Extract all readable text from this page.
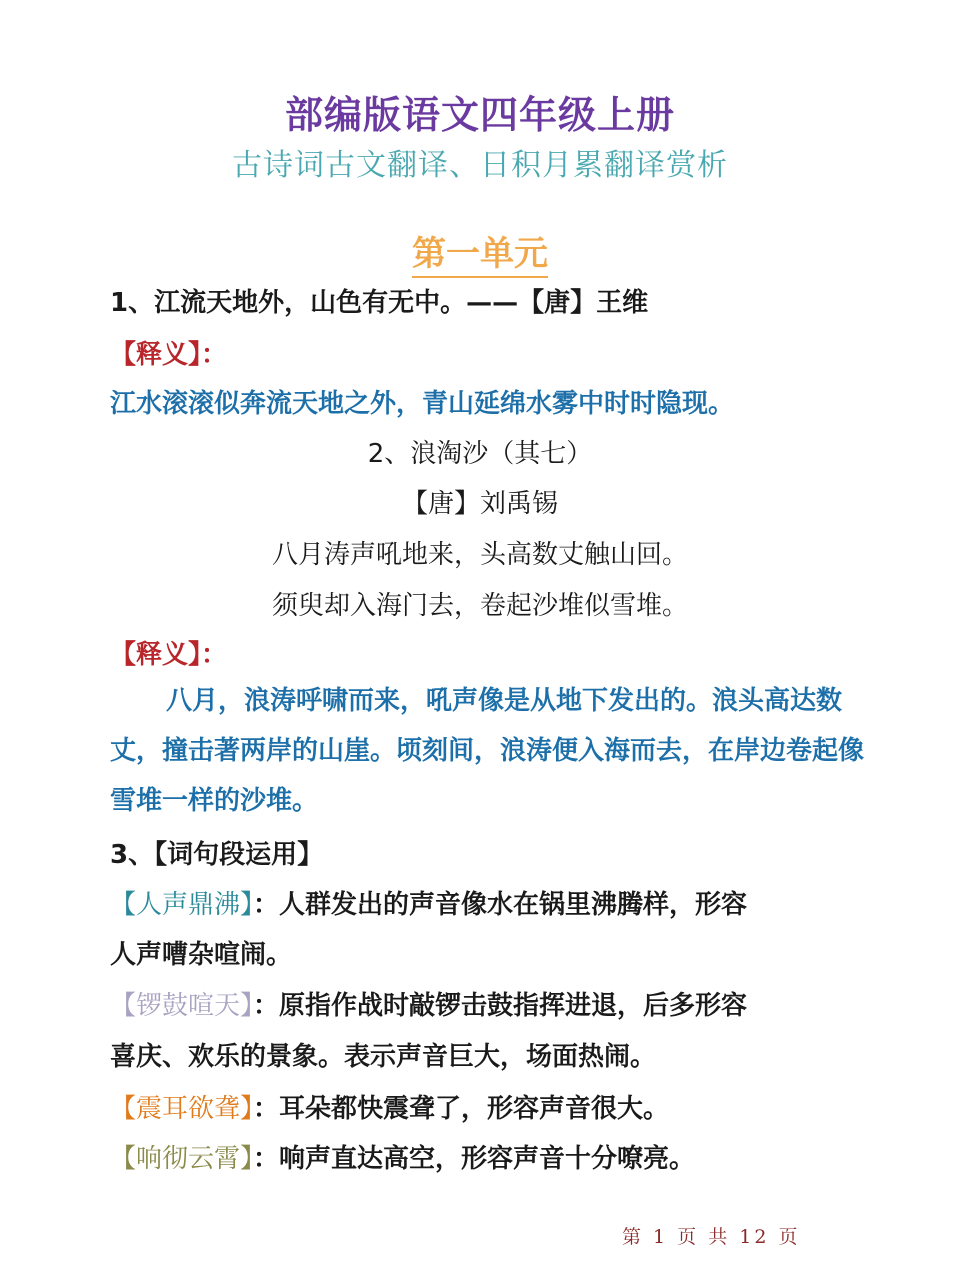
部编版语文四年级上册
古诗词古文翻译、日积月累翻译赏析
第一单元
1、江流天地外，山色有无中。——【唐】王维
【释义】：
江水滚滚似奔流天地之外，青山延绵水雾中时时隐现。
2、浪淘沙（其七）
【唐】刘禹锡
八月涛声吼地来，头高数丈触山回。
须臾却入海门去，卷起沙堆似雪堆。
【释义】：
八月，浪涛呼啸而来，吼声像是从地下发出的。浪头高达数丈，撞击著两岸的山崖。顷刻间，浪涛便入海而去，在岸边卷起像雪堆一样的沙堆。
3、【词句段运用】
【人声鼎沸】：人群发出的声音像水在锅里沸腾样，形容
人声嘈杂喧闹。
【锣鼓喧天】：原指作战时敲锣击鼓指挥进退，后多形容
喜庆、欢乐的景象。表示声音巨大，场面热闹。
【震耳欲聋】：耳朵都快震聋了，形容声音很大。
【响彻云霄】：响声直达高空，形容声音十分嘹亮。
第 1 页 共 12 页
